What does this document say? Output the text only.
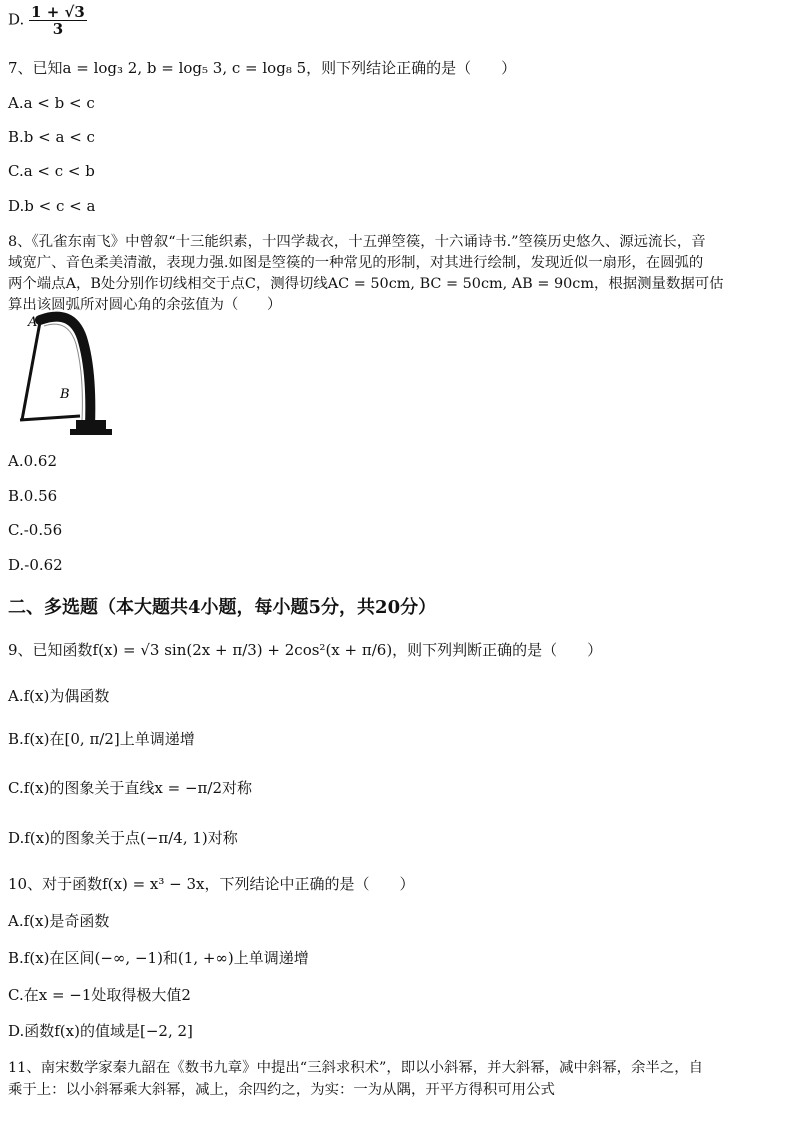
D. $\frac{1 + √3}{3}$
7、已知a = log₃ 2, b = log₅ 3, c = log₈ 5，则下列结论正确的是（　　）
A.a < b < c
B.b < a < c
C.a < c < b
D.b < c < a
8、《孔雀东南飞》中曾叙“十三能织素，十四学裁衣，十五弹箜篌，十六诵诗书.”箜篌历史悠久、源远流长，音
域宽广、音色柔美清澈，表现力强.如图是箜篌的一种常见的形制，对其进行绘制，发现近似一扇形，在圆弧的
两个端点A，B处分别作切线相交于点C，测得切线AC = 50cm, BC = 50cm, AB = 90cm，根据测量数据可估
算出该圆弧所对圆心角的余弦值为（　　）
A
B
A.0.62
B.0.56
C.-0.56
D.-0.62
二、多选题（本大题共4小题，每小题5分，共20分）
9、已知函数f(x) = √3 sin(2x + π/3) + 2cos²(x + π/6)，则下列判断正确的是（　　）
A.f(x)为偶函数
B.f(x)在[0, π/2]上单调递增
C.f(x)的图象关于直线x = −π/2对称
D.f(x)的图象关于点(−π/4, 1)对称
10、对于函数f(x) = x³ − 3x，下列结论中正确的是（　　）
A.f(x)是奇函数
B.f(x)在区间(−∞, −1)和(1, +∞)上单调递增
C.在x = −1处取得极大值2
D.函数f(x)的值域是[−2, 2]
11、南宋数学家秦九韶在《数书九章》中提出“三斜求积术”，即以小斜幂，并大斜幂，减中斜幂，余半之，自
乘于上：以小斜幂乘大斜幂，减上，余四约之，为实：一为从隅，开平方得积可用公式
